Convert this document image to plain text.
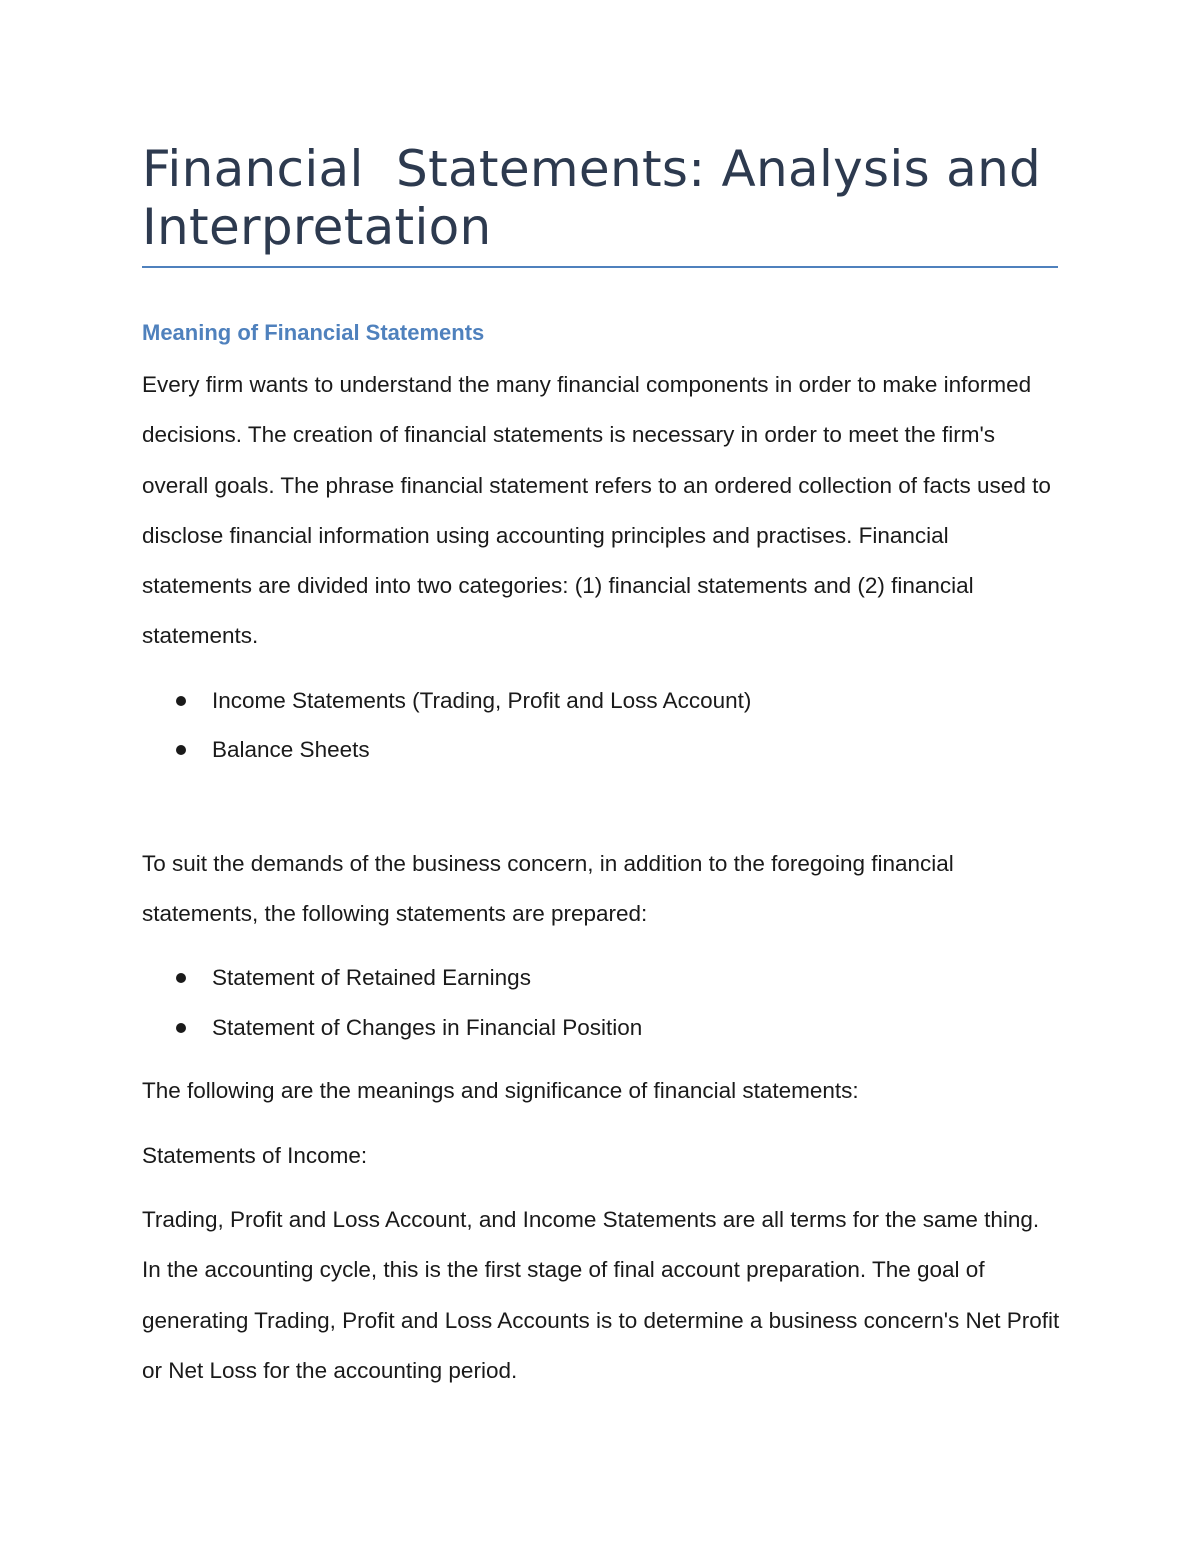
Financial  Statements: Analysis and Interpretation
Meaning of Financial Statements

Every firm wants to understand the many financial components in order to make informed decisions. The creation of financial statements is necessary in order to meet the firm's overall goals. The phrase financial statement refers to an ordered collection of facts used to disclose financial information using accounting principles and practises. Financial statements are divided into two categories: (1) financial statements and (2) financial statements.

Income Statements (Trading, Profit and Loss Account)
Balance Sheets

To suit the demands of the business concern, in addition to the foregoing financial statements, the following statements are prepared:

Statement of Retained Earnings
Statement of Changes in Financial Position

The following are the meanings and significance of financial statements:

Statements of Income:

Trading, Profit and Loss Account, and Income Statements are all terms for the same thing. In the accounting cycle, this is the first stage of final account preparation. The goal of generating Trading, Profit and Loss Accounts is to determine a business concern's Net Profit or Net Loss for the accounting period.
